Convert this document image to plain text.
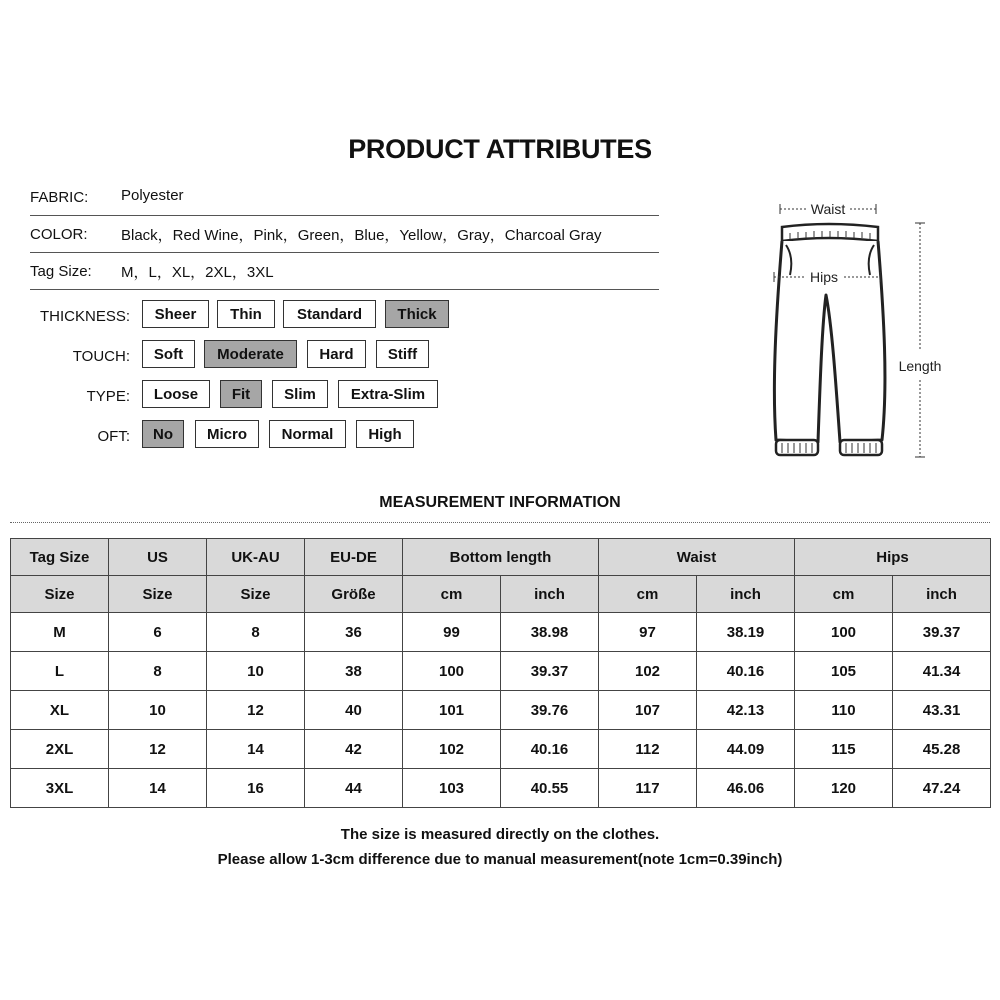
PRODUCT ATTRIBUTES
FABRIC: Polyester
COLOR: Black，Red Wine，Pink，Green，Blue，Yellow，Gray，Charcoal Gray
Tag Size: M，L，XL，2XL，3XL
THICKNESS:	Sheer	Thin	Standard	Thick
TOUCH:	Soft	Moderate	Hard	Stiff
TYPE:	Loose	Fit	Slim	Extra-Slim
OFT:	No	Micro	Normal	High
Waist
Hips
Length
MEASUREMENT INFORMATION
Tag Size	US	UK-AU	EU-DE	Bottom length		Waist		Hips	
Size	Size	Size	Größe	cm	inch	cm	inch	cm	inch
M	6	8	36	99	38.98	97	38.19	100	39.37
L	8	10	38	100	39.37	102	40.16	105	41.34
XL	10	12	40	101	39.76	107	42.13	110	43.31
2XL	12	14	42	102	40.16	112	44.09	115	45.28
3XL	14	16	44	103	40.55	117	46.06	120	47.24
The size is measured directly on the clothes.
Please allow 1-3cm difference due to manual measurement(note 1cm=0.39inch)
